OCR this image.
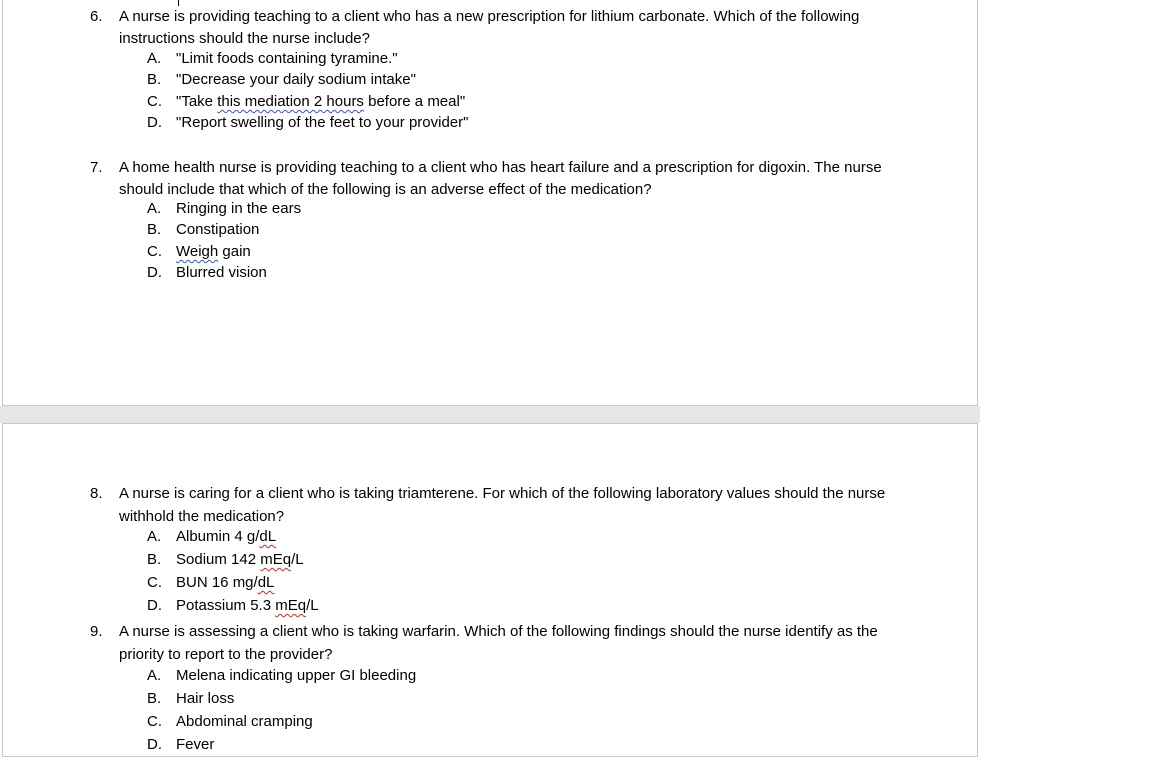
6. A nurse is providing teaching to a client who has a new prescription for lithium carbonate. Which of the following instructions should the nurse include?
A. "Limit foods containing tyramine."
B. "Decrease your daily sodium intake"
C. "Take this mediation 2 hours before a meal"
D. "Report swelling of the feet to your provider"
7. A home health nurse is providing teaching to a client who has heart failure and a prescription for digoxin. The nurse should include that which of the following is an adverse effect of the medication?
A. Ringing in the ears
B. Constipation
C. Weigh gain
D. Blurred vision
8. A nurse is caring for a client who is taking triamterene. For which of the following laboratory values should the nurse withhold the medication?
A. Albumin 4 g/dL
B. Sodium 142 mEq/L
C. BUN 16 mg/dL
D. Potassium 5.3 mEq/L
9. A nurse is assessing a client who is taking warfarin. Which of the following findings should the nurse identify as the priority to report to the provider?
A. Melena indicating upper GI bleeding
B. Hair loss
C. Abdominal cramping
D. Fever
